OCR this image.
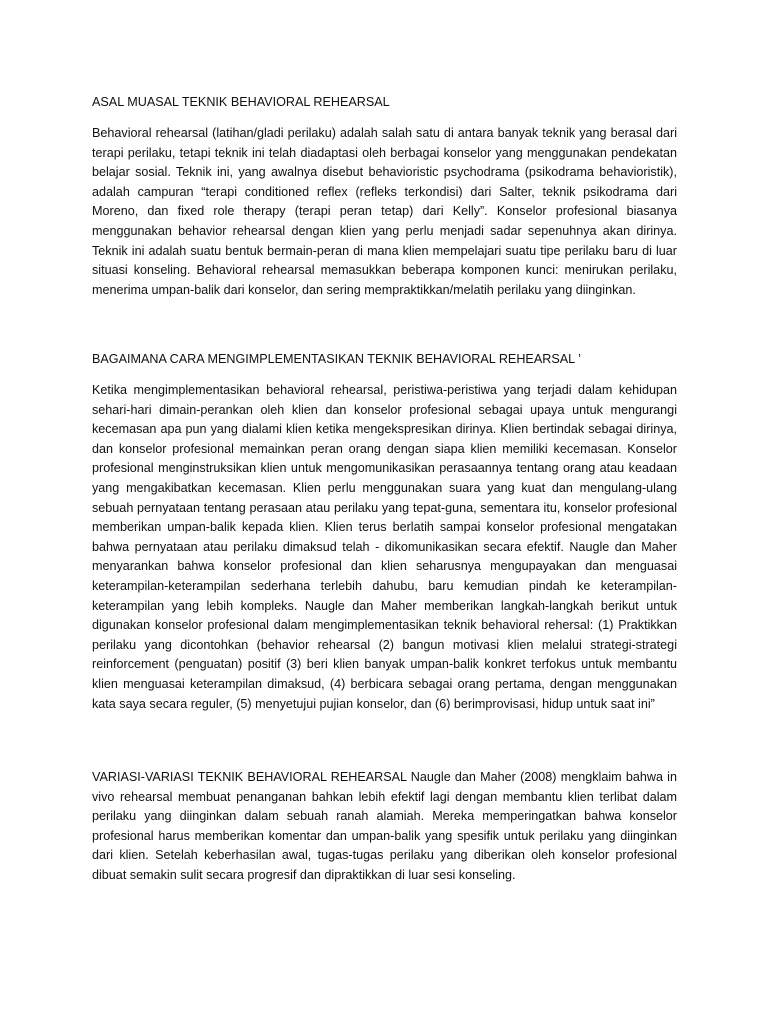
ASAL MUASAL TEKNIK BEHAVIORAL REHEARSAL

Behavioral rehearsal (latihan/gladi perilaku) adalah salah satu di antara banyak teknik yang berasal dari terapi perilaku, tetapi teknik ini telah diadaptasi oleh berbagai konselor yang menggunakan pendekatan belajar sosial. Teknik ini, yang awalnya disebut behavioristic psychodrama (psikodrama behavioristik), adalah campuran “terapi conditioned reflex (refleks terkondisi) dari Salter, teknik psikodrama dari Moreno, dan fixed role therapy (terapi peran tetap) dari Kelly”. Konselor profesional biasanya menggunakan behavior rehearsal dengan klien yang perlu menjadi sadar sepenuhnya akan dirinya. Teknik ini adalah suatu bentuk bermain-peran di mana klien mempelajari suatu tipe perilaku baru di luar situasi konseling. Behavioral rehearsal memasukkan beberapa komponen kunci: menirukan perilaku, menerima umpan-balik dari konselor, dan sering mempraktikkan/melatih perilaku yang diinginkan.

BAGAIMANA CARA MENGIMPLEMENTASIKAN TEKNIK BEHAVIORAL REHEARSAL ’

Ketika mengimplementasikan behavioral rehearsal, peristiwa-peristiwa yang terjadi dalam kehidupan sehari-hari dimain-perankan oleh klien dan konselor profesional sebagai upaya untuk mengurangi kecemasan apa pun yang dialami klien ketika mengekspresikan dirinya. Klien bertindak sebagai dirinya, dan konselor profesional memainkan peran orang dengan siapa klien memiliki kecemasan. Konselor profesional menginstruksikan klien untuk mengomunikasikan perasaannya tentang orang atau keadaan yang mengakibatkan kecemasan. Klien perlu menggunakan suara yang kuat dan mengulang-ulang sebuah pernyataan tentang perasaan atau perilaku yang tepat-guna, sementara itu, konselor profesional memberikan umpan-balik kepada klien. Klien terus berlatih sampai konselor profesional mengatakan bahwa pernyataan atau perilaku dimaksud telah - dikomunikasikan secara efektif. Naugle dan Maher menyarankan bahwa konselor profesional dan klien seharusnya mengupayakan dan menguasai keterampilan-keterampilan sederhana terlebih dahubu, baru kemudian pindah ke keterampilan-keterampilan yang lebih kompleks. Naugle dan Maher memberikan langkah-langkah berikut untuk digunakan konselor profesional dalam mengimplementasikan teknik behavioral rehersal: (1) Praktikkan perilaku yang dicontohkan (behavior rehearsal (2) bangun motivasi klien melalui strategi-strategi reinforcement (penguatan) positif (3) beri klien banyak umpan-balik konkret terfokus untuk membantu klien menguasai keterampilan dimaksud, (4) berbicara sebagai orang pertama, dengan menggunakan kata saya secara reguler, (5) menyetujui pujian konselor, dan (6) berimprovisasi, hidup untuk saat ini”

VARIASI-VARIASI TEKNIK BEHAVIORAL REHEARSAL Naugle dan Maher (2008) mengklaim bahwa in vivo rehearsal membuat penanganan bahkan lebih efektif lagi dengan membantu klien terlibat dalam perilaku yang diinginkan dalam sebuah ranah alamiah. Mereka memperingatkan bahwa konselor profesional harus memberikan komentar dan umpan-balik yang spesifik untuk perilaku yang diinginkan dari klien. Setelah keberhasilan awal, tugas-tugas perilaku yang diberikan oleh konselor profesional dibuat semakin sulit secara progresif dan dipraktikkan di luar sesi konseling.
